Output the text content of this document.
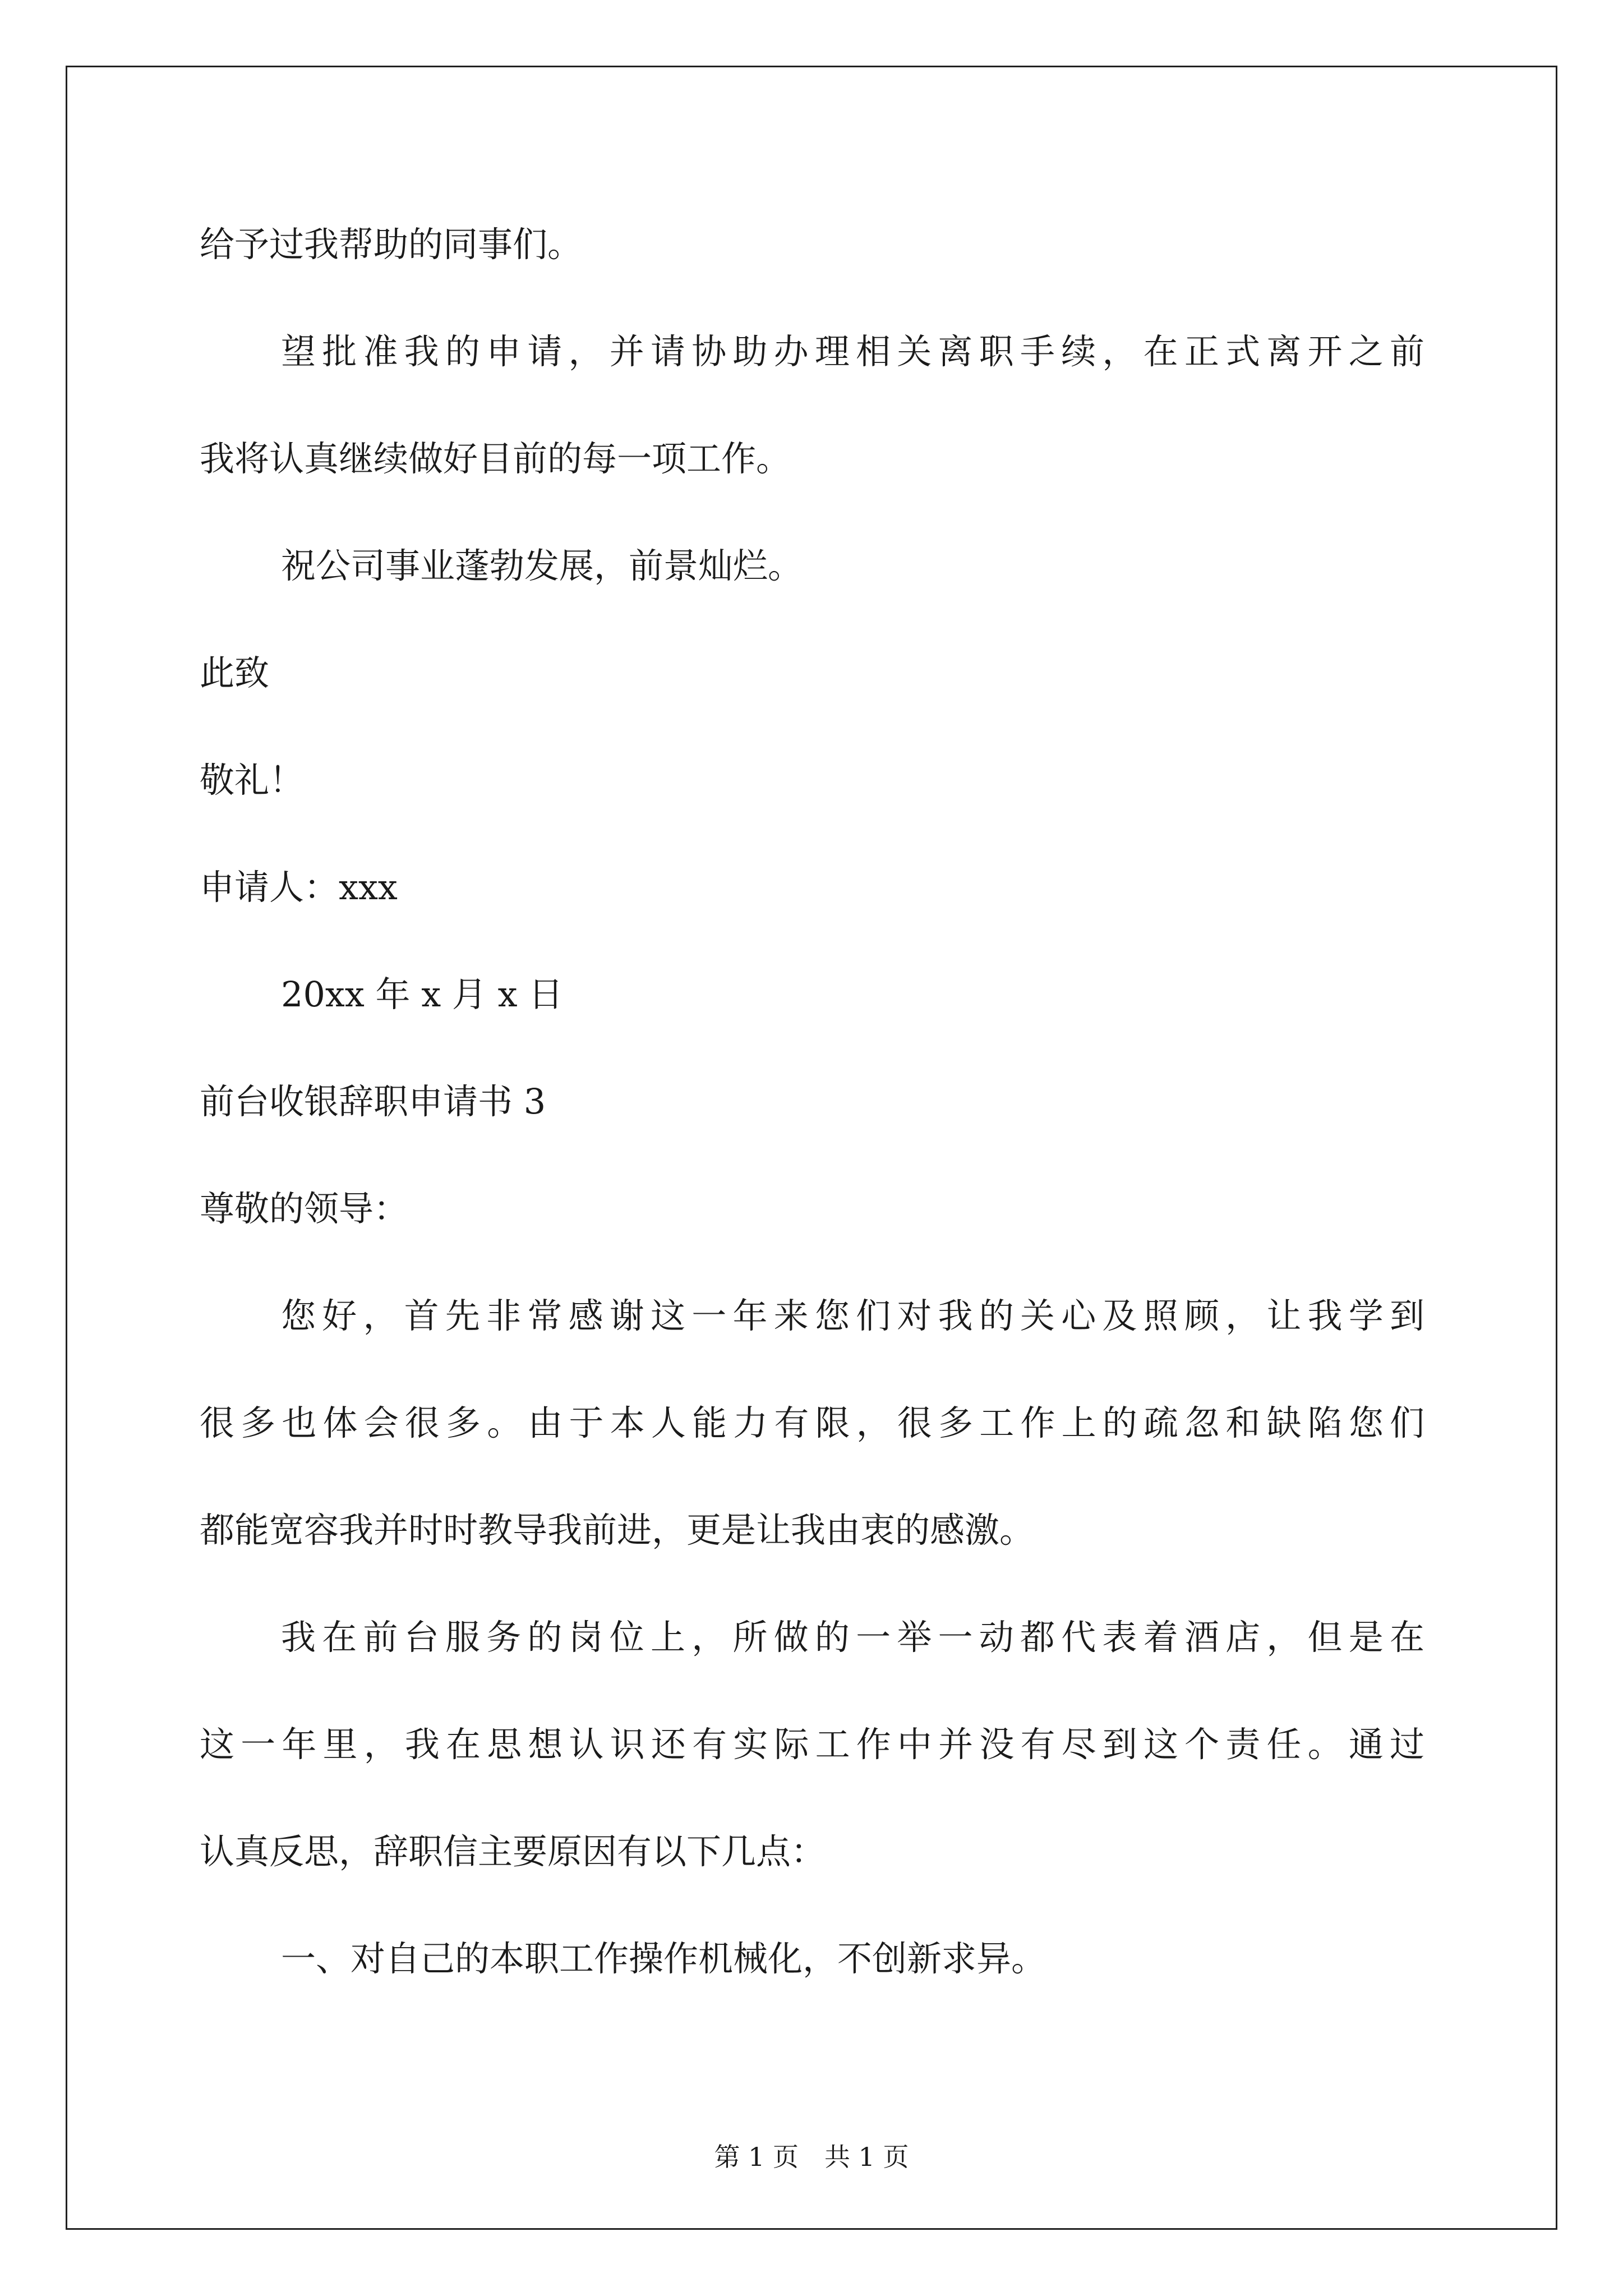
给予过我帮助的同事们。
望批准我的申请，并请协助办理相关离职手续，在正式离开之前
我将认真继续做好目前的每一项工作。
祝公司事业蓬勃发展，前景灿烂。
此致
敬礼！
申请人：xxx
20xx 年 x 月 x 日
前台收银辞职申请书 3
尊敬的领导：
您好，首先非常感谢这一年来您们对我的关心及照顾，让我学到
很多也体会很多。由于本人能力有限，很多工作上的疏忽和缺陷您们
都能宽容我并时时教导我前进，更是让我由衷的感激。
我在前台服务的岗位上，所做的一举一动都代表着酒店，但是在
这一年里，我在思想认识还有实际工作中并没有尽到这个责任。通过
认真反思，辞职信主要原因有以下几点：
一、对自己的本职工作操作机械化，不创新求异。
第 1 页　共 1 页
